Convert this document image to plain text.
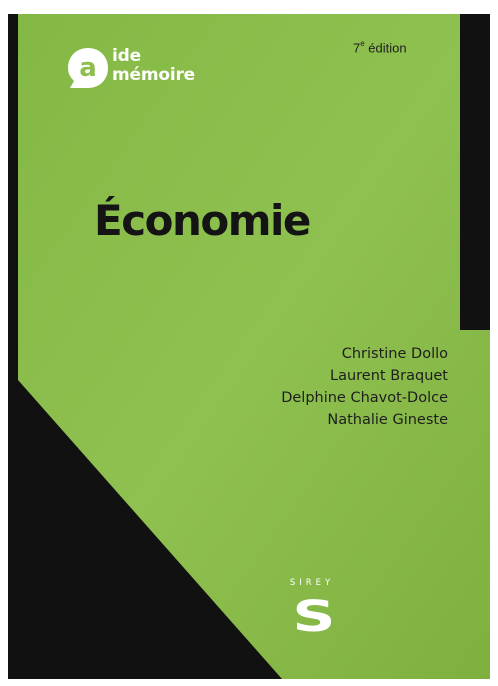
a ide
mémoire
7e édition
Économie
Christine Dollo
Laurent Braquet
Delphine Chavot-Dolce
Nathalie Gineste
SIREY
S
